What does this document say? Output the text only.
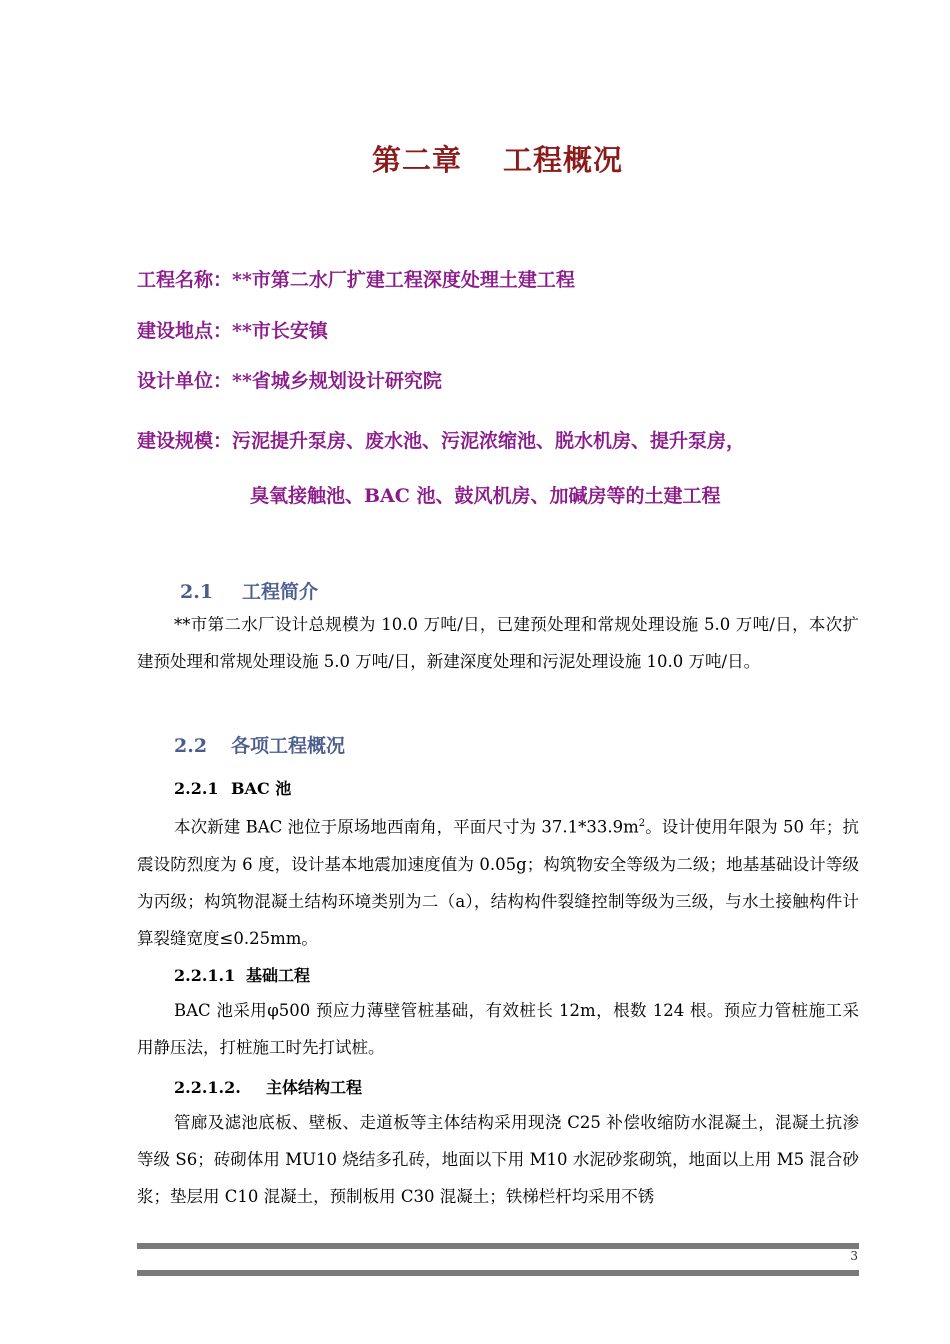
第二章　 工程概况
工程名称：**市第二水厂扩建工程深度处理土建工程
建设地点：**市长安镇
设计单位：**省城乡规划设计研究院
建设规模：污泥提升泵房、废水池、污泥浓缩池、脱水机房、提升泵房，
臭氧接触池、BAC 池、鼓风机房、加碱房等的土建工程
2.1 工程简介

**市第二水厂设计总规模为 10.0 万吨/日，已建预处理和常规处理设施 5.0 万吨/日，本次扩建预处理和常规处理设施 5.0 万吨/日，新建深度处理和污泥处理设施 10.0 万吨/日。

2.2 各项工程概况
2.2.1 BAC 池

本次新建 BAC 池位于原场地西南角，平面尺寸为 $37.1*33.9m^2$。设计使用年限为 50 年；抗震设防烈度为 6 度，设计基本地震加速度值为 0.05g；构筑物安全等级为二级；地基基础设计等级为丙级；构筑物混凝土结构环境类别为二（a），结构构件裂缝控制等级为三级，与水土接触构件计算裂缝宽度≤0.25mm。

2.2.1.1 基础工程

BAC 池采用φ500 预应力薄壁管桩基础，有效桩长 12m，根数 124 根。预应力管桩施工采用静压法，打桩施工时先打试桩。

2.2.1.2. 主体结构工程

管廊及滤池底板、壁板、走道板等主体结构采用现浇 C25 补偿收缩防水混凝土，混凝土抗渗等级 S6；砖砌体用 MU10 烧结多孔砖，地面以下用 M10 水泥砂浆砌筑，地面以上用 M5 混合砂浆；垫层用 C10 混凝土，预制板用 C30 混凝土；铁梯栏杆均采用不锈

3
